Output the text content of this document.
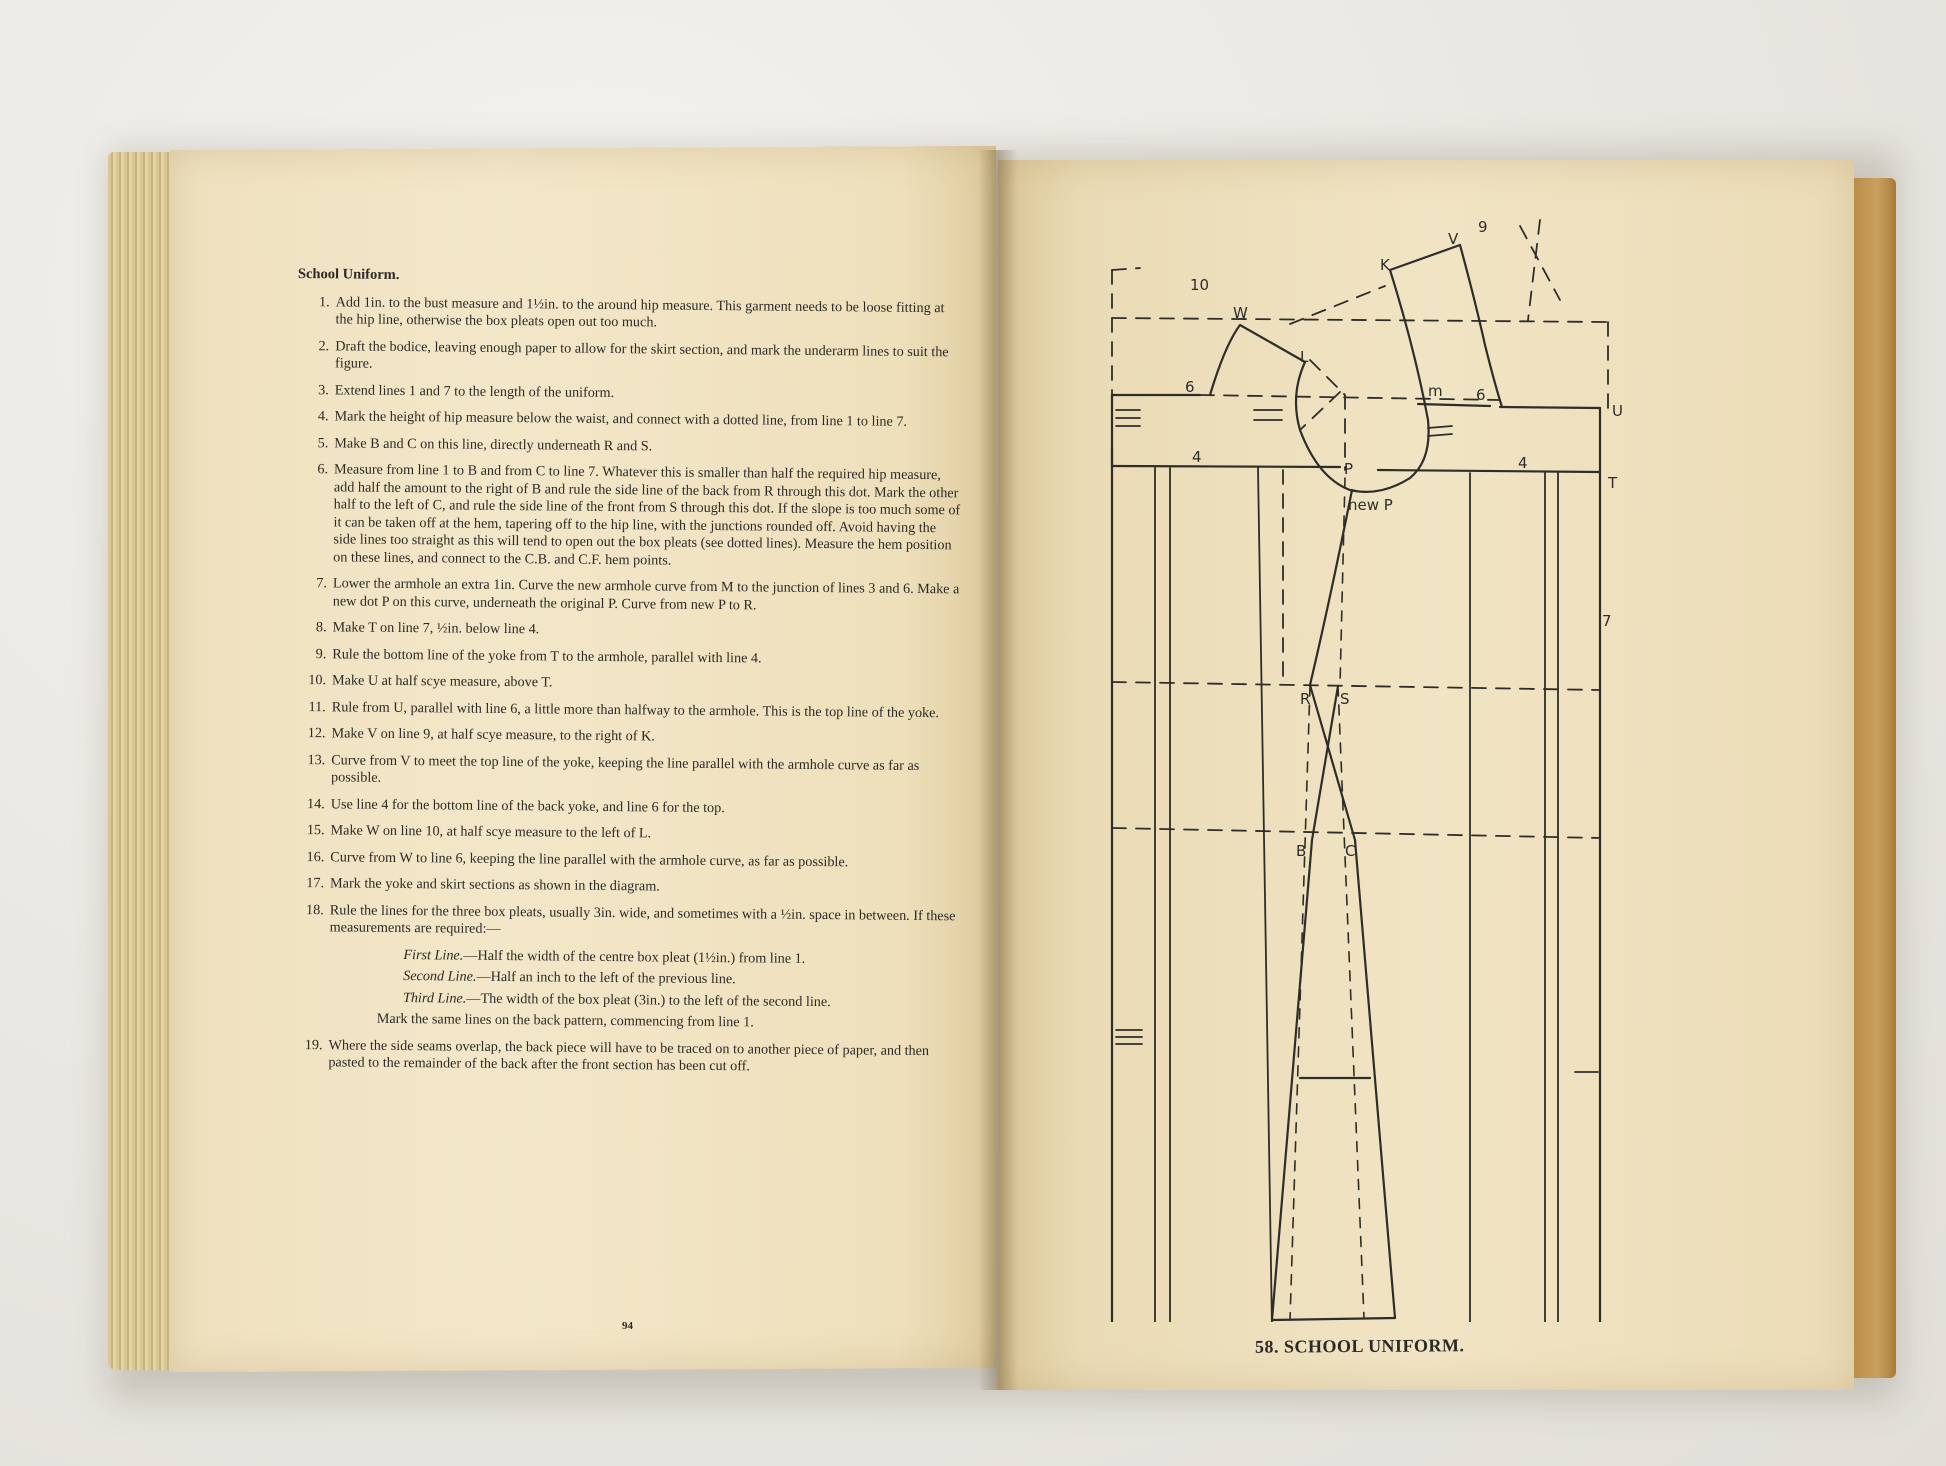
School Uniform.
1. Add 1in. to the bust measure and 1½in. to the around hip measure. This garment needs to be loose fitting at the hip line, otherwise the box pleats open out too much.
2. Draft the bodice, leaving enough paper to allow for the skirt section, and mark the underarm lines to suit the figure.
3. Extend lines 1 and 7 to the length of the uniform.
4. Mark the height of hip measure below the waist, and connect with a dotted line, from line 1 to line 7.
5. Make B and C on this line, directly underneath R and S.
6. Measure from line 1 to B and from C to line 7. Whatever this is smaller than half the required hip measure, add half the amount to the right of B and rule the side line of the back from R through this dot. Mark the other half to the left of C, and rule the side line of the front from S through this dot. If the slope is too much some of it can be taken off at the hem, tapering off to the hip line, with the junctions rounded off. Avoid having the side lines too straight as this will tend to open out the box pleats (see dotted lines). Measure the hem position on these lines, and connect to the C.B. and C.F. hem points.
7. Lower the armhole an extra 1in. Curve the new armhole curve from M to the junction of lines 3 and 6. Make a new dot P on this curve, underneath the original P. Curve from new P to R.
8. Make T on line 7, ½in. below line 4.
9. Rule the bottom line of the yoke from T to the armhole, parallel with line 4.
10. Make U at half scye measure, above T.
11. Rule from U, parallel with line 6, a little more than halfway to the armhole. This is the top line of the yoke.
12. Make V on line 9, at half scye measure, to the right of K.
13. Curve from V to meet the top line of the yoke, keeping the line parallel with the armhole curve as far as possible.
14. Use line 4 for the bottom line of the back yoke, and line 6 for the top.
15. Make W on line 10, at half scye measure to the left of L.
16. Curve from W to line 6, keeping the line parallel with the armhole curve, as far as possible.
17. Mark the yoke and skirt sections as shown in the diagram.
18. Rule the lines for the three box pleats, usually 3in. wide, and sometimes with a ½in. space in between. If these measurements are required:—
First Line.—Half the width of the centre box pleat (1½in.) from line 1.
Second Line.—Half an inch to the left of the previous line.
Third Line.—The width of the box pleat (3in.) to the left of the second line.
Mark the same lines on the back pattern, commencing from line 1.
19. Where the side seams overlap, the back piece will have to be traced on to another piece of paper, and then pasted to the remainder of the back after the front section has been cut off.
94
10
9
V
K
W
L
6	m 6
U
4	4
T
P
new P
R S
B	C
7
58. SCHOOL UNIFORM.
